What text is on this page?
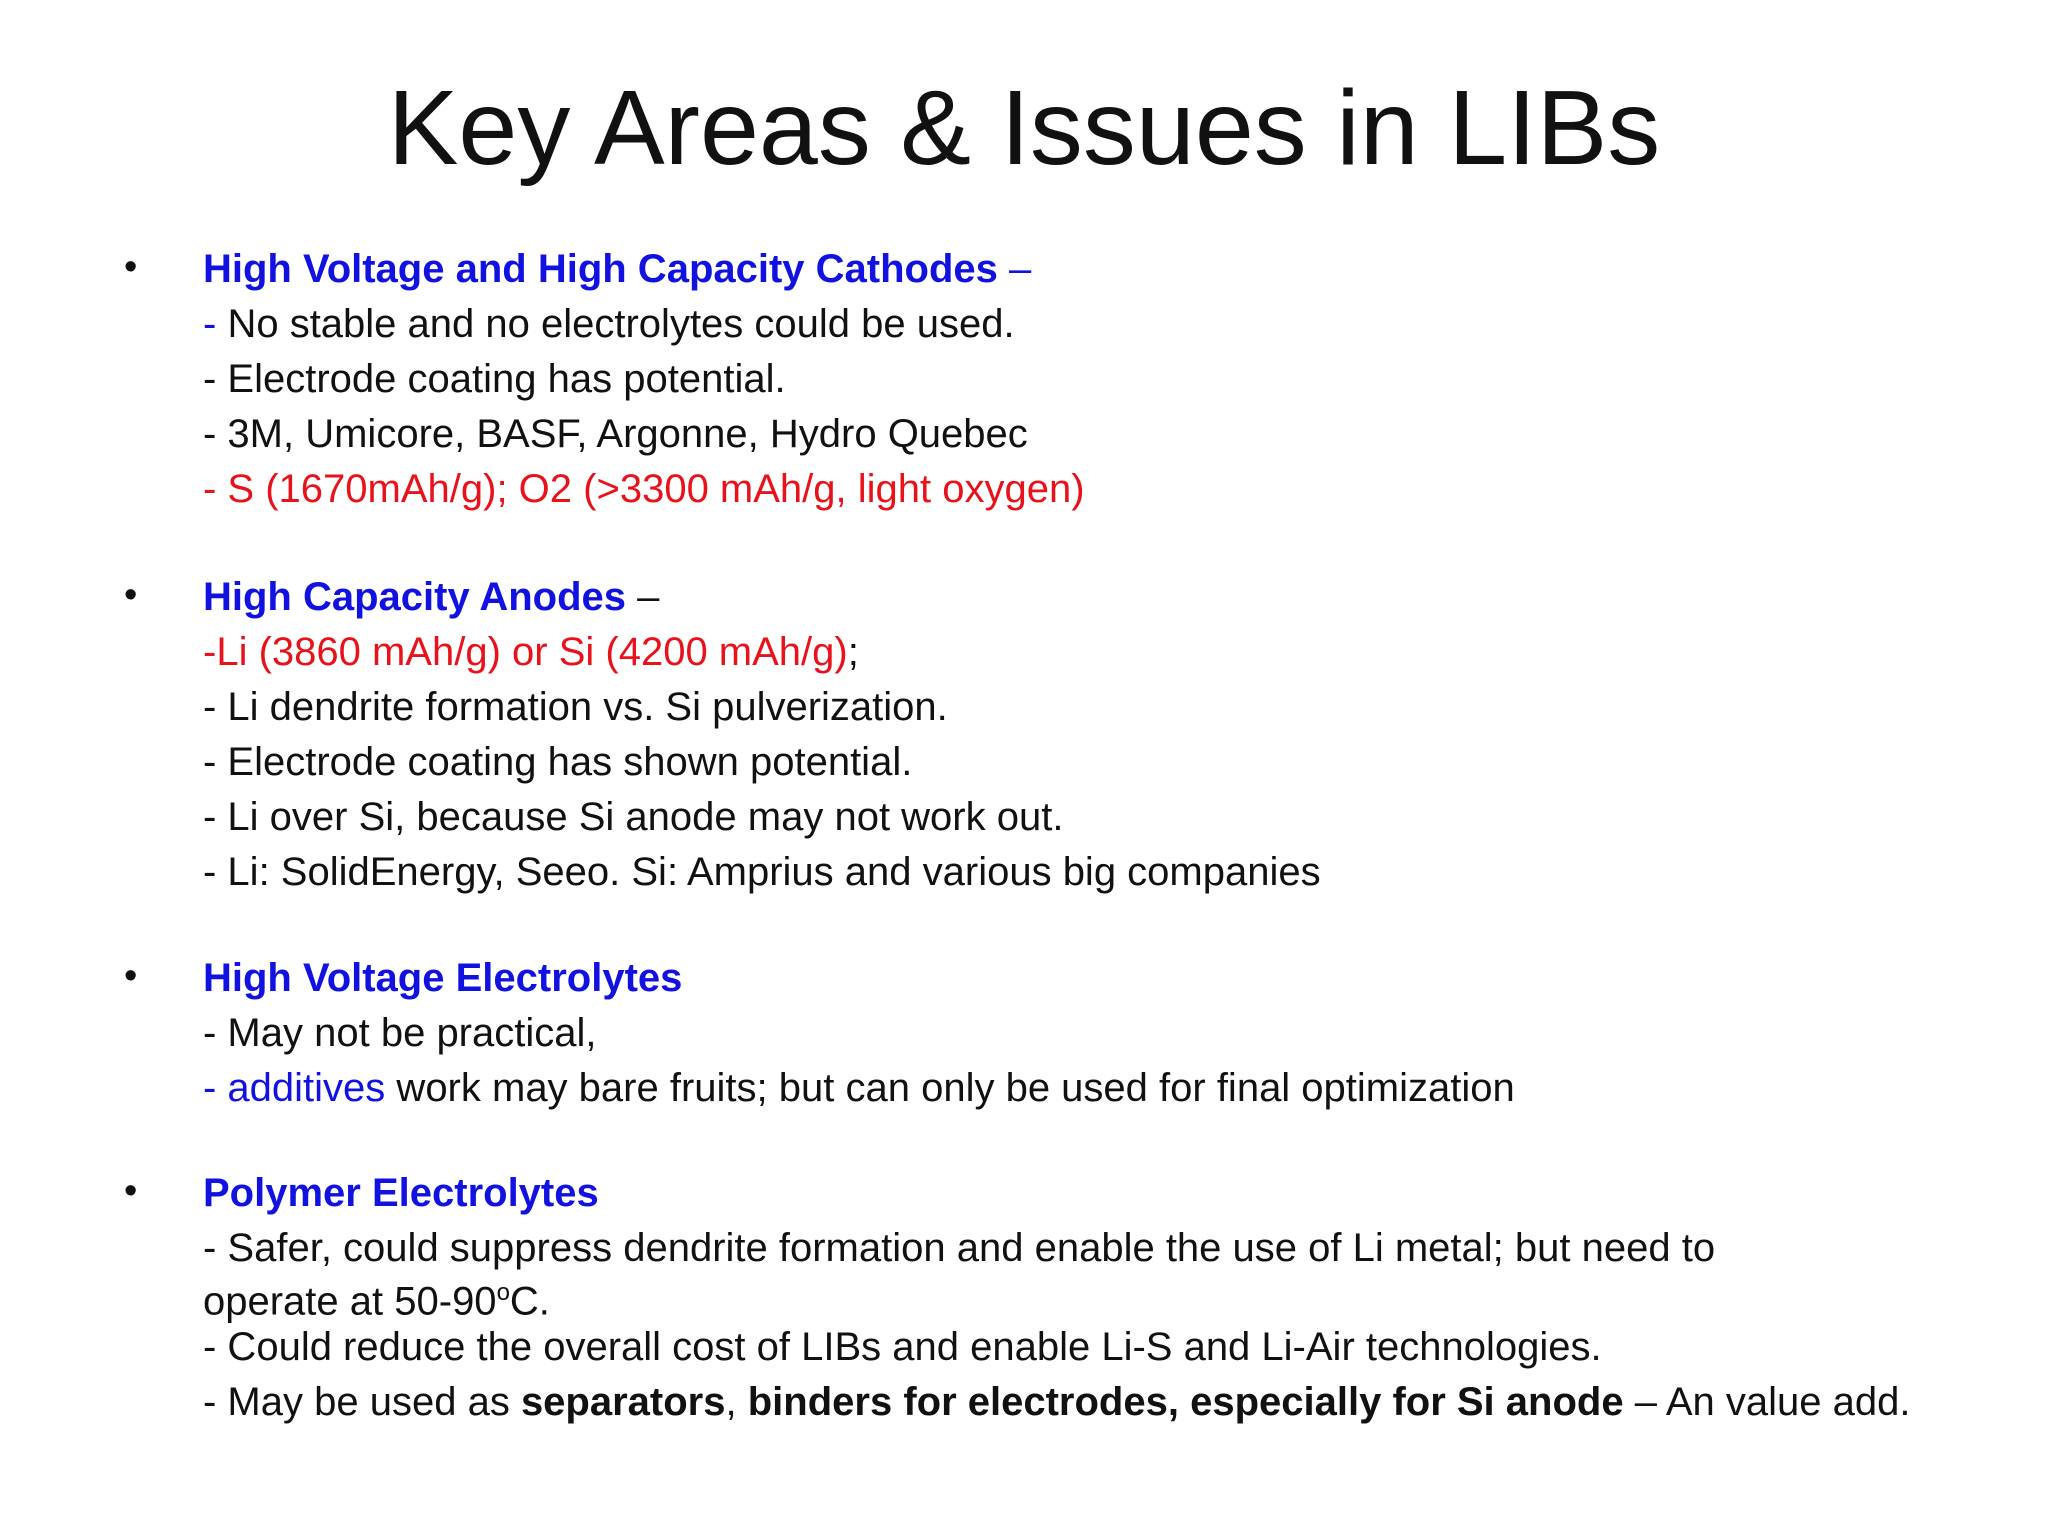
Key Areas & Issues in LIBs
• High Voltage and High Capacity Cathodes –
- No stable and no electrolytes could be used.
- Electrode coating has potential.
- 3M, Umicore, BASF, Argonne, Hydro Quebec
- S (1670mAh/g); O2 (>3300 mAh/g, light oxygen)
• High Capacity Anodes –
-Li (3860 mAh/g) or Si (4200 mAh/g);
- Li dendrite formation vs. Si pulverization.
- Electrode coating has shown potential.
- Li over Si, because Si anode may not work out.
- Li: SolidEnergy, Seeo. Si: Amprius and various big companies
• High Voltage Electrolytes
- May not be practical,
- additives work may bare fruits; but can only be used for final optimization
• Polymer Electrolytes
- Safer, could suppress dendrite formation and enable the use of Li metal; but need to
operate at 50-90$^o$C.
- Could reduce the overall cost of LIBs and enable Li-S and Li-Air technologies.
- May be used as separators, binders for electrodes, especially for Si anode – An value add.
